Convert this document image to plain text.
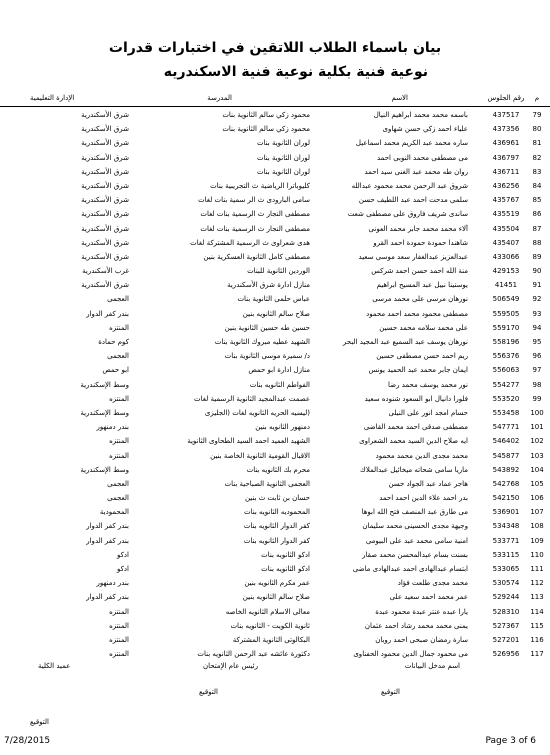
بيان باسماء الطلاب اللاتقين في اختبارات قدرات
نوعية فنية بكلية نوعية فنية الاسكندريه
م
رقم الجلوس
الاسم
المدرسة
الإدارة التعليمية
79
437517
باسمه محمد محمد ابراهيم النيال
محمود زكي سالم الثانوية بنات
شرق الأسكندرية
80
437356
علياء احمد زكي حسن شهاوى
محمود زكي سالم الثانوية بنات
شرق الأسكندرية
81
436961
ساره محمد عبد الكريم محمد اسماعيل
لوران الثانوية بنات
شرق الأسكندرية
82
436797
مى مصطفى محمد النوبى احمد
لوران الثانوية بنات
شرق الأسكندرية
83
436711
روان طه محمد عبد الغنى سيد احمد
لوران الثانوية بنات
شرق الأسكندرية
84
436256
شروق عبد الرحمن محمد محمود عبدالله
كليوباترا الرياضية ث التجريبية بنات
شرق الأسكندرية
85
435767
سلمى مدحت احمد عبد اللطيف حسن
سامى البارودى ث الر سمية بنات لغات
شرق الأسكندرية
86
435519
ساندى شريف فاروق على مصطفى شعت
مصطفى النجار ث الرسمية بنات لغات
شرق الأسكندرية
87
435504
آلاء محمد محمد جابر محمد العونى
مصطفى النجار ث الرسمية بنات لغات
شرق الأسكندرية
88
435407
شاهندا حمودة حمودة احمد القرو
هدى شعراوى ث الرسمية المشتركة لغات
شرق الأسكندرية
89
433066
عبدالعزيز عبدالغفار سعد موسى سعيد
مصطفى كامل الثانوية العسكرية بنين
شرق الأسكندرية
90
429153
منة الله احمد حسن احمد شركس
الوردين الثانوية للبنات
غرب الأسكندرية
91
41451
يوستينا نبيل عبد المسيح ابراهيم
منازل ادارة شرق الأسكندرية
شرق الأسكندرية
92
506549
نورهان مرسى على محمد مرسى
عباس حلمى الثانوية بنات
العجمى
93
559505
مصطفى محمود محمد احمد محمود
صلاح سالم الثانويه بنين
بندر كفر الدوار
94
559170
على محمد سلامه محمد حسين
حسين طه حسين الثانوية بنين
المنتزه
95
558196
نورهان يوسف عبد السميع عبد المجيد البحر
الشهيد عطيه مبروك الثانوية بنات
كوم حمادة
96
556376
ريم احمد حسن مصطفى حسين
د/ سميرة موسى الثانوية بنات
العجمى
97
556063
ايمان جابر محمد عبد الحميد يونس
منازل ادارة ابو حمص
ابو حمص
98
554277
نور محمد يوسف محمد رضا
الفواطم الثانويه بنات
وسط الإسكندرية
99
553520
فلورا دانيال ابو السعود شنوده سعيد
عصمت عبدالمجيد الثانوية الرسمية لغات
المنتزه
100
553458
حسام امجد انور على النيلى
(ليسيه الحريه الثانويه لغات (الجليزى
وسط الإسكندرية
101
547771
مصطفى صدقى احمد محمد القاضى
دمنهور الثانويه بنين
بندر دمنهور
102
546402
ايه صلاح الدين السيد محمد الشعراوى
الشهيد العميد احمد السيد الطحاوى الثانوية
المنتزه
103
545877
محمد مجدى الدين محمد محمود
الاقبال القومية الثانوية الخاصة بنين
المنتزه
104
543892
ماريا سامى شحاته ميخائيل عبدالملاك
محرم بك الثانويه بنات
وسط الإسكندرية
105
542768
هاجر عماد عبد الجواد حسن
العجمى الثانوية الصباحية بنات
العجمى
106
542150
بدر احمد علاء الدين احمد احمد
حسان بن ثابت ث بنين
العجمى
107
536901
مى طارق عبد المنصف فتح الله ابوها
المحموديه الثانويه بنات
المحمودية
108
534348
وجيهة مجدى الحسينى محمد سليمان
كفر الدوار الثانويه بنات
بندر كفر الدوار
109
533771
امنية سامى محمد عبد على البيومى
كفر الدوار الثانويه بنات
بندر كفر الدوار
110
533115
بسنت بسام عبدالمحسن محمد صقار
ادكو الثانويه بنات
ادكو
111
533065
ابتسام عبدالهادى احمد عبدالهادى ماضى
ادكو الثانويه بنات
ادكو
112
530574
محمد مجدى طلعت فؤاد
عمر مكرم الثانويه بنين
بندر دمنهور
113
529244
عمر محمد احمد سعيد على
صلاح سالم الثانويه بنين
بندر كفر الدوار
114
528310
يارا عبده عنتر عبدة محمود عبدة
معالى الاسلام الثانويه الخاصه
المنتزه
115
527367
يمنى محمد محمد رشاد احمد عثمان
ثانوية الكويت - الثانويه بنات
المنتزه
116
527201
سارة رمضان صبحى احمد روبان
البكالوتى الثانوية المشتركة
المنتزه
117
526956
مى محمود جمال الدين محمود الحفناوى
دكتورة عائشه عبد الرحمن الثانويه بنات
المنتزه
اسم مدخل البيانات
رئيس عام الإمتحان
عميد الكلية
التوقيع
التوقيع
التوقيع
7/28/2015	Page 3 of 6
